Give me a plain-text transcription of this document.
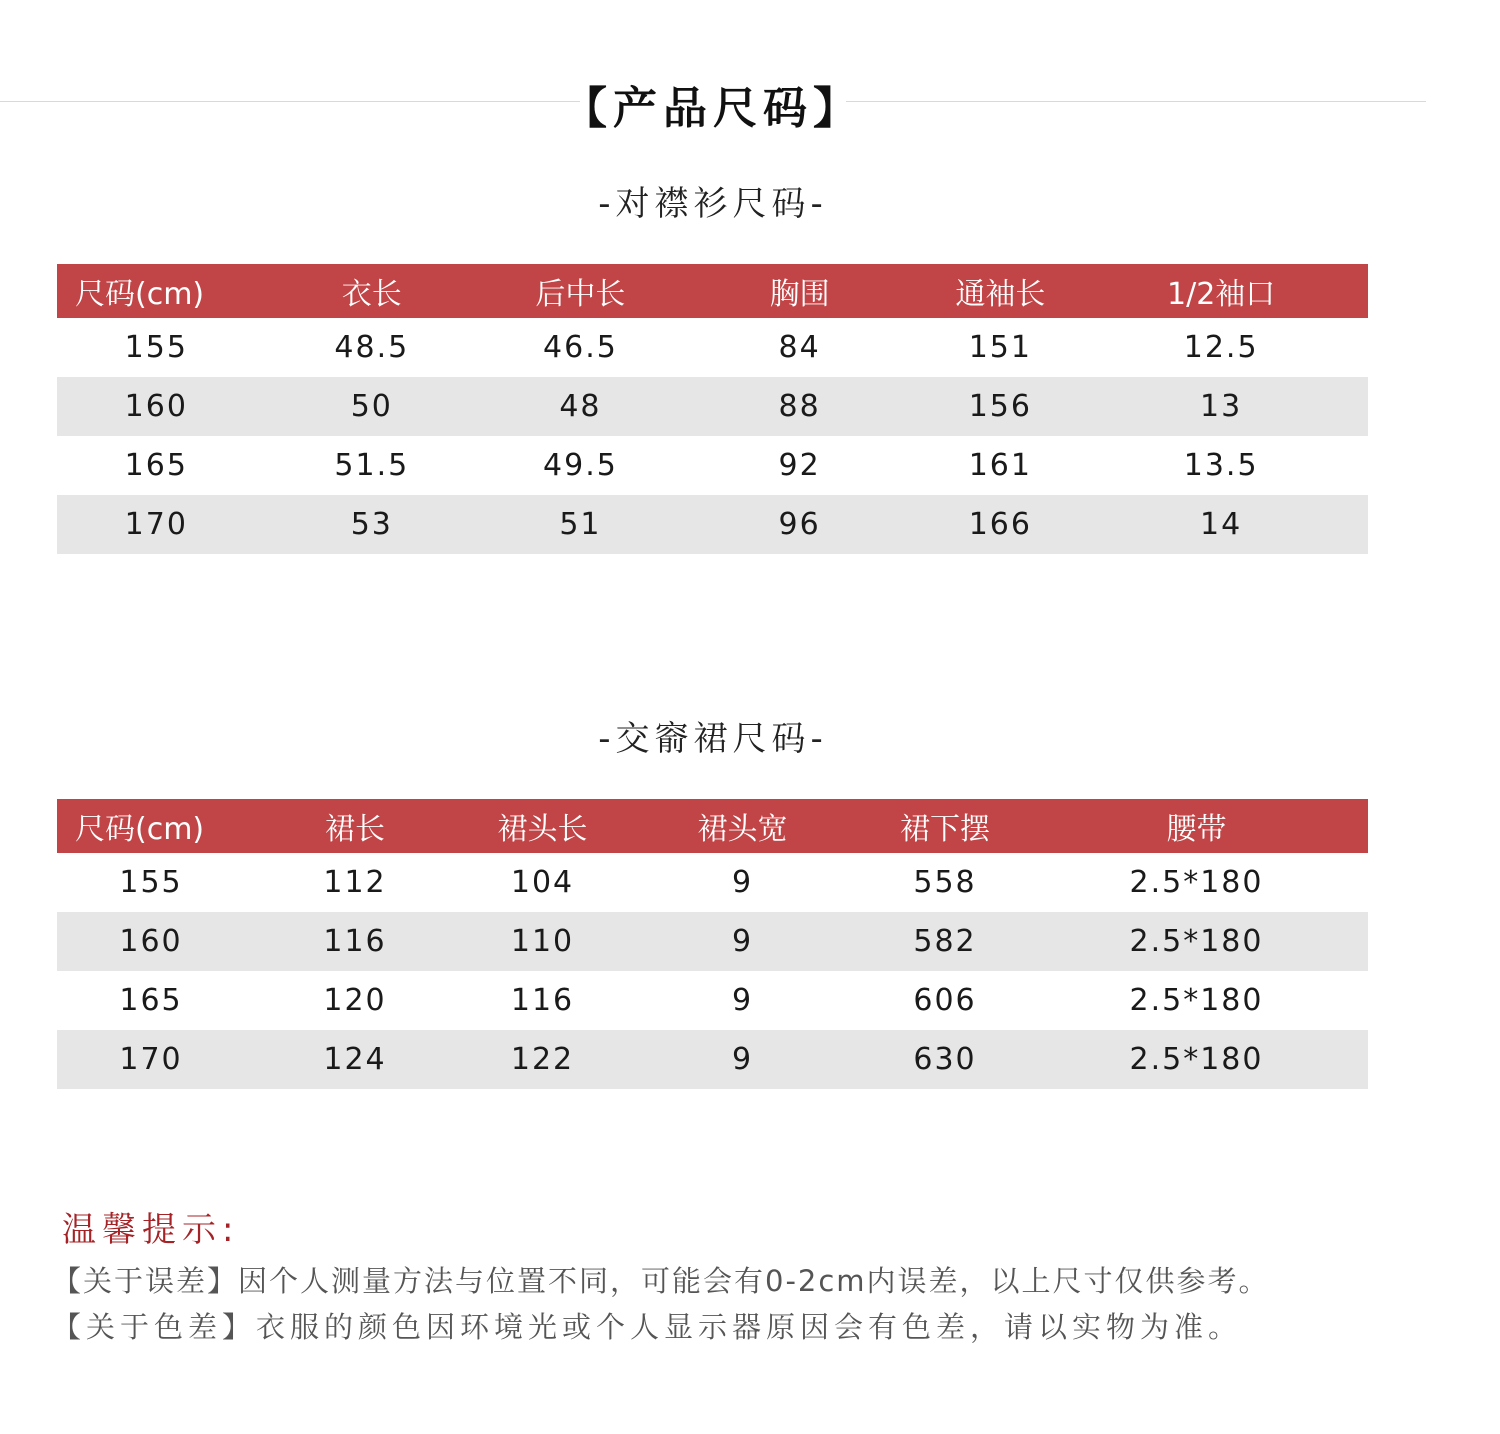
【产品尺码】
-对襟衫尺码-
尺码(cm)	衣长	后中长	胸围	通袖长	1/2袖口
155	48.5	46.5	84	151	12.5
160	50	48	88	156	13
165	51.5	49.5	92	161	13.5
170	53	51	96	166	14
-交窬裙尺码-
尺码(cm)	裙长	裙头长	裙头宽	裙下摆	腰带
155	112	104	9	558	2.5*180
160	116	110	9	582	2.5*180
165	120	116	9	606	2.5*180
170	124	122	9	630	2.5*180
温馨提示:
【关于误差】因个人测量方法与位置不同，可能会有0-2cm内误差，以上尺寸仅供参考。
【关于色差】衣服的颜色因环境光或个人显示器原因会有色差，请以实物为准。
